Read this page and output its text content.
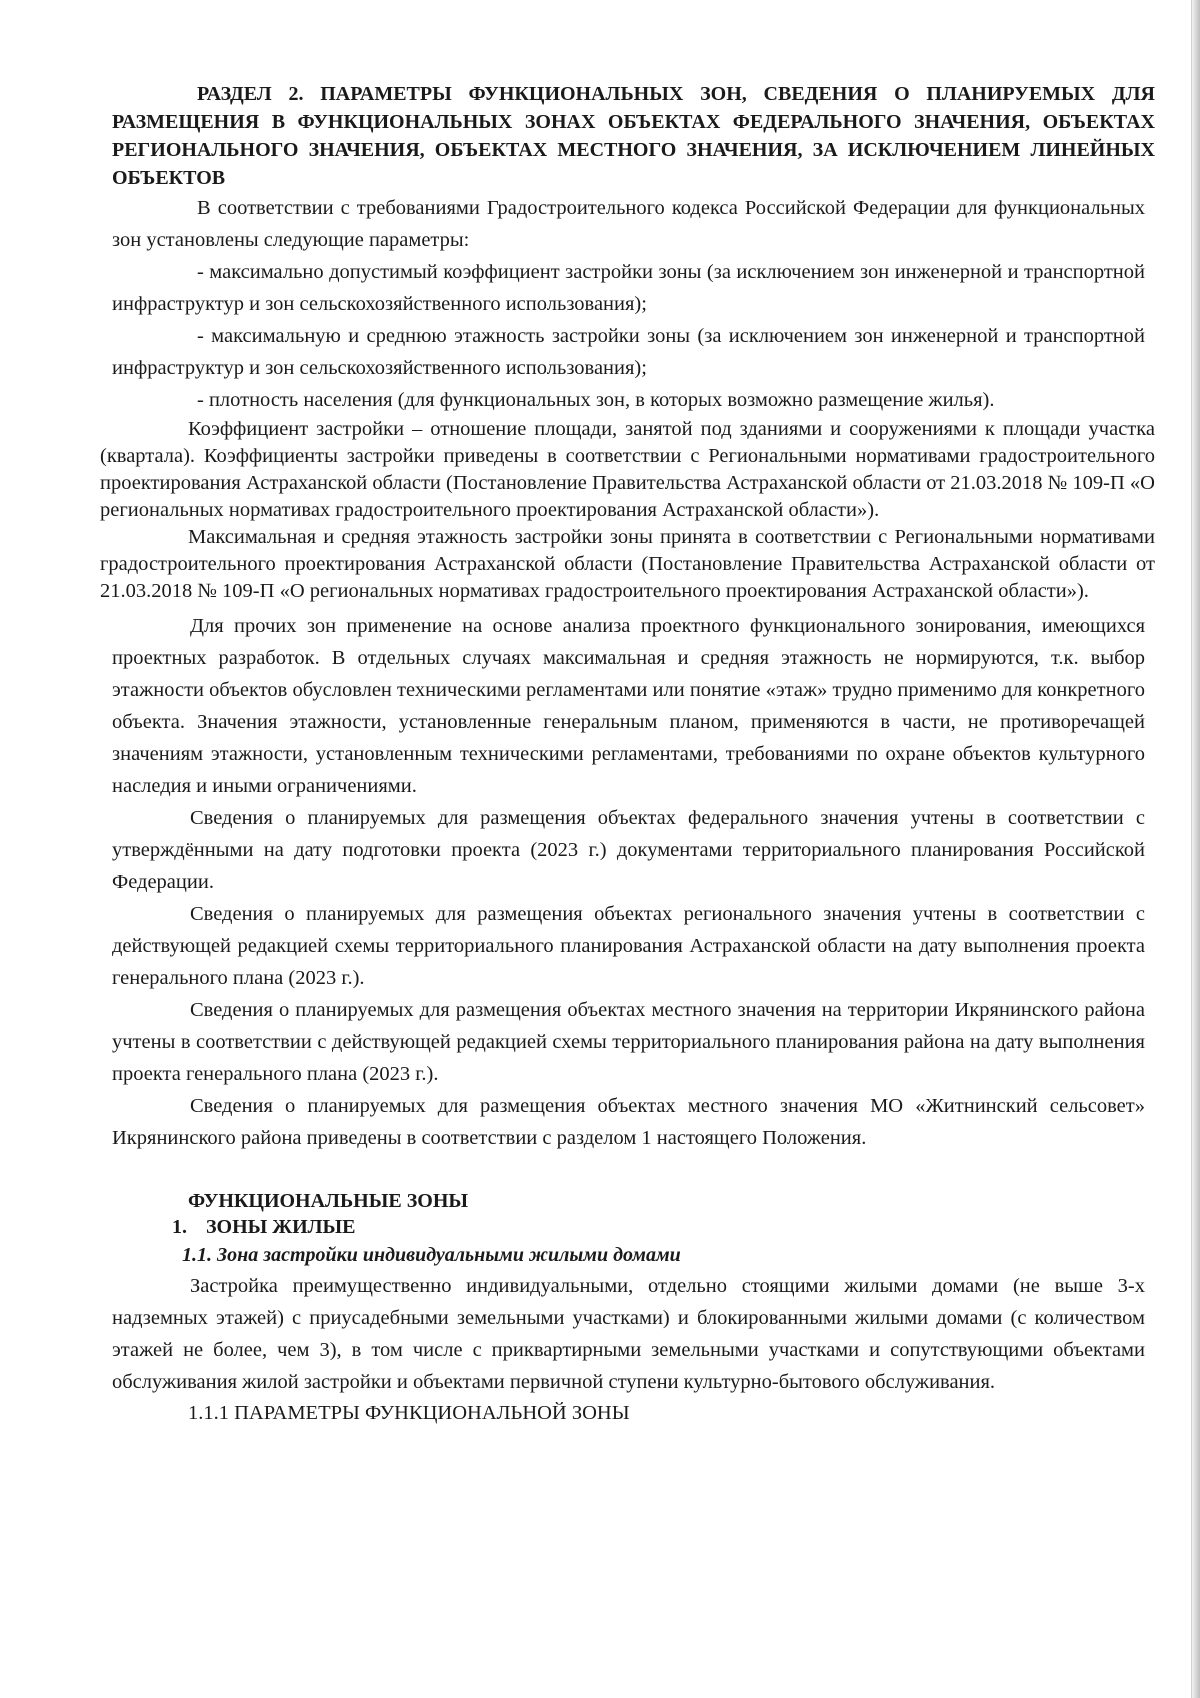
РАЗДЕЛ 2. ПАРАМЕТРЫ ФУНКЦИОНАЛЬНЫХ ЗОН, СВЕДЕНИЯ О ПЛАНИРУЕМЫХ ДЛЯ РАЗМЕЩЕНИЯ В ФУНКЦИОНАЛЬНЫХ ЗОНАХ ОБЪЕКТАХ ФЕДЕРАЛЬНОГО ЗНАЧЕНИЯ, ОБЪЕКТАХ РЕГИОНАЛЬНОГО ЗНАЧЕНИЯ, ОБЪЕКТАХ МЕСТНОГО ЗНАЧЕНИЯ, ЗА ИСКЛЮЧЕНИЕМ ЛИНЕЙНЫХ ОБЪЕКТОВ

В соответствии с требованиями Градостроительного кодекса Российской Федерации для функциональных зон установлены следующие параметры:

- максимально допустимый коэффициент застройки зоны (за исключением зон инженерной и транспортной инфраструктур и зон сельскохозяйственного использования);

- максимальную и среднюю этажность застройки зоны (за исключением зон инженерной и транспортной инфраструктур и зон сельскохозяйственного использования);

- плотность населения (для функциональных зон, в которых возможно размещение жилья).

Коэффициент застройки – отношение площади, занятой под зданиями и сооружениями к площади участка (квартала). Коэффициенты застройки приведены в соответствии с Региональными нормативами градостроительного проектирования Астраханской области (Постановление Правительства Астраханской области от 21.03.2018 № 109-П «О региональных нормативах градостроительного проектирования Астраханской области»).

Максимальная и средняя этажность застройки зоны принята в соответствии с Региональными нормативами градостроительного проектирования Астраханской области (Постановление Правительства Астраханской области от 21.03.2018 № 109-П «О региональных нормативах градостроительного проектирования Астраханской области»).

Для прочих зон применение на основе анализа проектного функционального зонирования, имеющихся проектных разработок. В отдельных случаях максимальная и средняя этажность не нормируются, т.к. выбор этажности объектов обусловлен техническими регламентами или понятие «этаж» трудно применимо для конкретного объекта. Значения этажности, установленные генеральным планом, применяются в части, не противоречащей значениям этажности, установленным техническими регламентами, требованиями по охране объектов культурного наследия и иными ограничениями.

Сведения о планируемых для размещения объектах федерального значения учтены в соответствии с утверждёнными на дату подготовки проекта (2023 г.) документами территориального планирования Российской Федерации.

Сведения о планируемых для размещения объектах регионального значения учтены в соответствии с действующей редакцией схемы территориального планирования Астраханской области на дату выполнения проекта генерального плана (2023 г.).

Сведения о планируемых для размещения объектах местного значения на территории Икрянинского района учтены в соответствии с действующей редакцией схемы территориального планирования района на дату выполнения проекта генерального плана (2023 г.).

Сведения о планируемых для размещения объектах местного значения МО «Житнинский сельсовет» Икрянинского района приведены в соответствии с разделом 1 настоящего Положения.

ФУНКЦИОНАЛЬНЫЕ ЗОНЫ

1. ЗОНЫ ЖИЛЫЕ

1.1. Зона застройки индивидуальными жилыми домами

Застройка преимущественно индивидуальными, отдельно стоящими жилыми домами (не выше 3-х надземных этажей) с приусадебными земельными участками) и блокированными жилыми домами (с количеством этажей не более, чем 3), в том числе с приквартирными земельными участками и сопутствующими объектами обслуживания жилой застройки и объектами первичной ступени культурно-бытового обслуживания.

1.1.1 ПАРАМЕТРЫ ФУНКЦИОНАЛЬНОЙ ЗОНЫ
